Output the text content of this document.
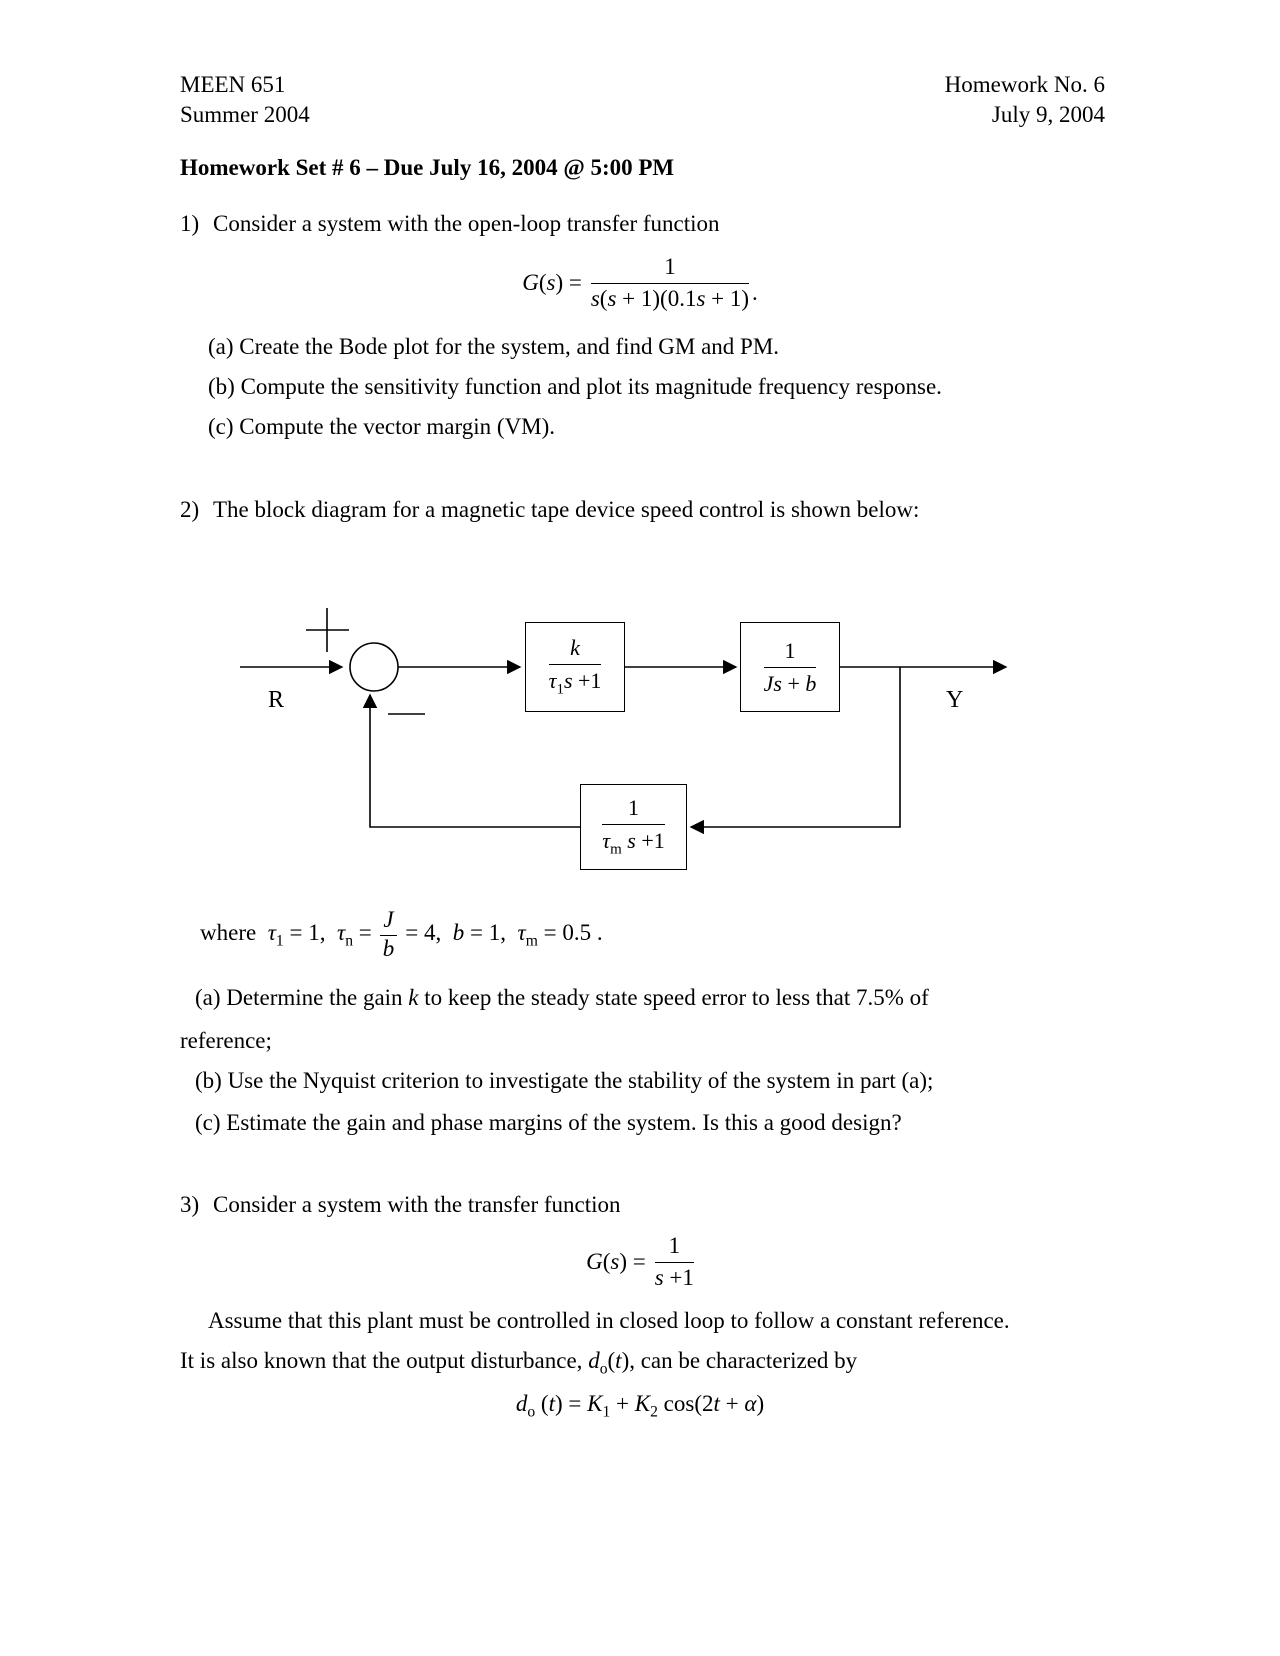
MEEN 651
Summer 2004
Homework No. 6
July 9, 2004
Homework Set # 6 – Due July 16, 2004 @ 5:00 PM
1) Consider a system with the open-loop transfer function
$G(s) = \frac{1}{s(s + 1)(0.1s + 1)}$ .
(a) Create the Bode plot for the system, and find GM and PM.
(b) Compute the sensitivity function and plot its magnitude frequency response.
(c) Compute the vector margin (VM).
2) The block diagram for a magnetic tape device speed control is shown below:
$\frac{k}{\tau_1s +1}$	$\frac{1}{Js + b}$
$\frac{1}{\tau_m s +1}$
R	Y
where  $\tau_1 = 1$,  $\tau_n = \frac{J}{b} = 4$,  b = 1,  $\tau_m = 0.5$ .
(a) Determine the gain k to keep the steady state speed error to less that 7.5% of
reference;
(b) Use the Nyquist criterion to investigate the stability of the system in part (a);
(c) Estimate the gain and phase margins of the system. Is this a good design?
3) Consider a system with the transfer function
$G(s) = \frac{1}{s +1}$
Assume that this plant must be controlled in closed loop to follow a constant reference.
It is also known that the output disturbance, $d_o(t)$, can be characterized by
$d_o$ $(t) = K_1 + K_2$ cos(2t + α)
